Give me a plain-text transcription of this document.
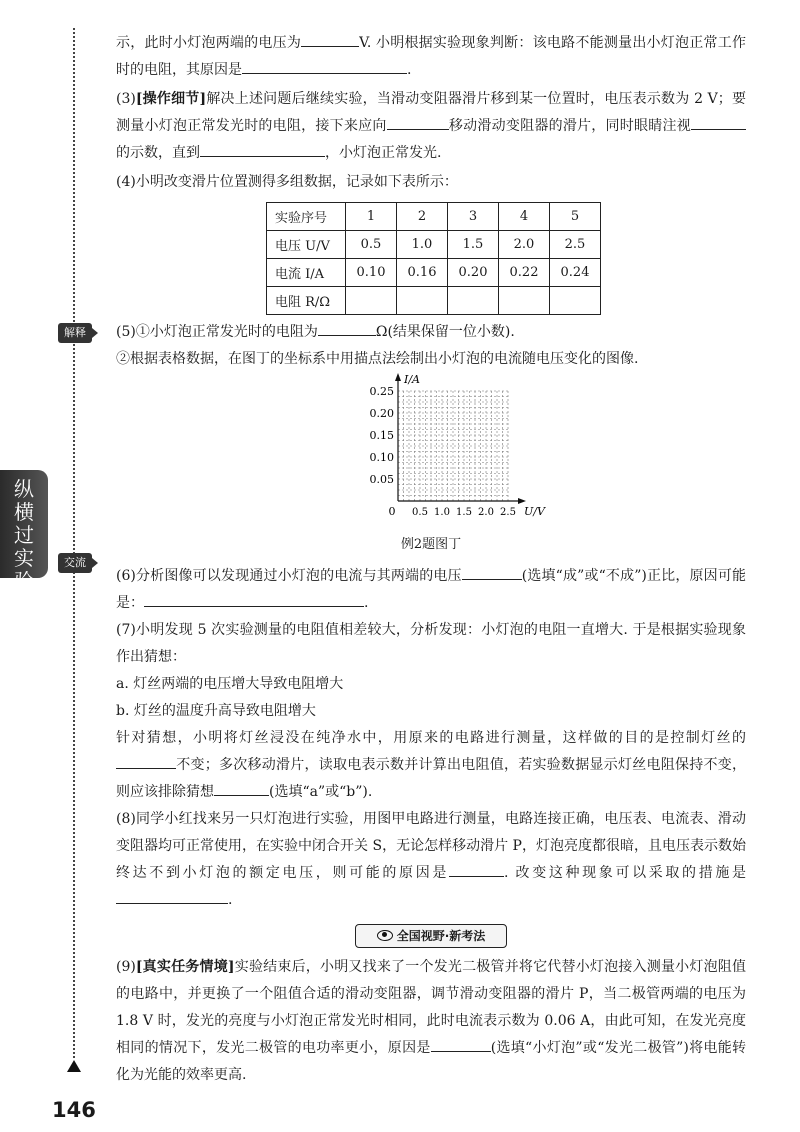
解释
交流
纵横过实验
146

示，此时小灯泡两端的电压为	V. 小明根据实验现象判断：该电路不能测量出小灯泡正常工作时的电阻，其原因是	.

(3)[操作细节]解决上述问题后继续实验，当滑动变阻器滑片移到某一位置时，电压表示数为 2 V；要测量小灯泡正常发光时的电阻，接下来应向	移动滑动变阻器的滑片，同时眼睛注视的示数，直到	，小灯泡正常发光.

(4)小明改变滑片位置测得多组数据，记录如下表所示：

实验序号	1	2	3	4	5
电压 U/V	0.5	1.0	1.5	2.0	2.5
电流 I/A	0.10	0.16	0.20	0.22	0.24
电阻 R/Ω					

(5)①小灯泡正常发光时的电阻为	Ω(结果保留一位小数).

②根据表格数据，在图丁的坐标系中用描点法绘制出小灯泡的电流随电压变化的图像.

0.05
0.10
0.15
0.20
0.25
0.5 1.0 1.5 2.0 2.5
0	U/V
I/A

例2题图丁

(6)分析图像可以发现通过小灯泡的电流与其两端的电压	(选填“成”或“不成”)正比，原因可能是：	.

(7)小明发现 5 次实验测量的电阻值相差较大，分析发现：小灯泡的电阻一直增大. 于是根据实验现象作出猜想：

a. 灯丝两端的电压增大导致电阻增大

b. 灯丝的温度升高导致电阻增大

针对猜想，小明将灯丝浸没在纯净水中，用原来的电路进行测量，这样做的目的是控制灯丝的不变；多次移动滑片，读取电表示数并计算出电阻值，若实验数据显示灯丝电阻保持不变，则应该排除猜想	(选填“a”或“b”).

(8)同学小红找来另一只灯泡进行实验，用图甲电路进行测量，电路连接正确，电压表、电流表、滑动变阻器均可正常使用，在实验中闭合开关 S，无论怎样移动滑片 P，灯泡亮度都很暗，且电压表示数始终达不到小灯泡的额定电压，则可能的原因是	. 改变这种现象可以采取的措施是.

全国视野·新考法

(9)[真实任务情境]实验结束后，小明又找来了一个发光二极管并将它代替小灯泡接入测量小灯泡阻值的电路中，并更换了一个阻值合适的滑动变阻器，调节滑动变阻器的滑片 P，当二极管两端的电压为 1.8 V 时，发光的亮度与小灯泡正常发光时相同，此时电流表示数为 0.06 A，由此可知，在发光亮度相同的情况下，发光二极管的电功率更小，原因是	(选填“小灯泡”或“发光二极管”)将电能转化为光能的效率更高.
